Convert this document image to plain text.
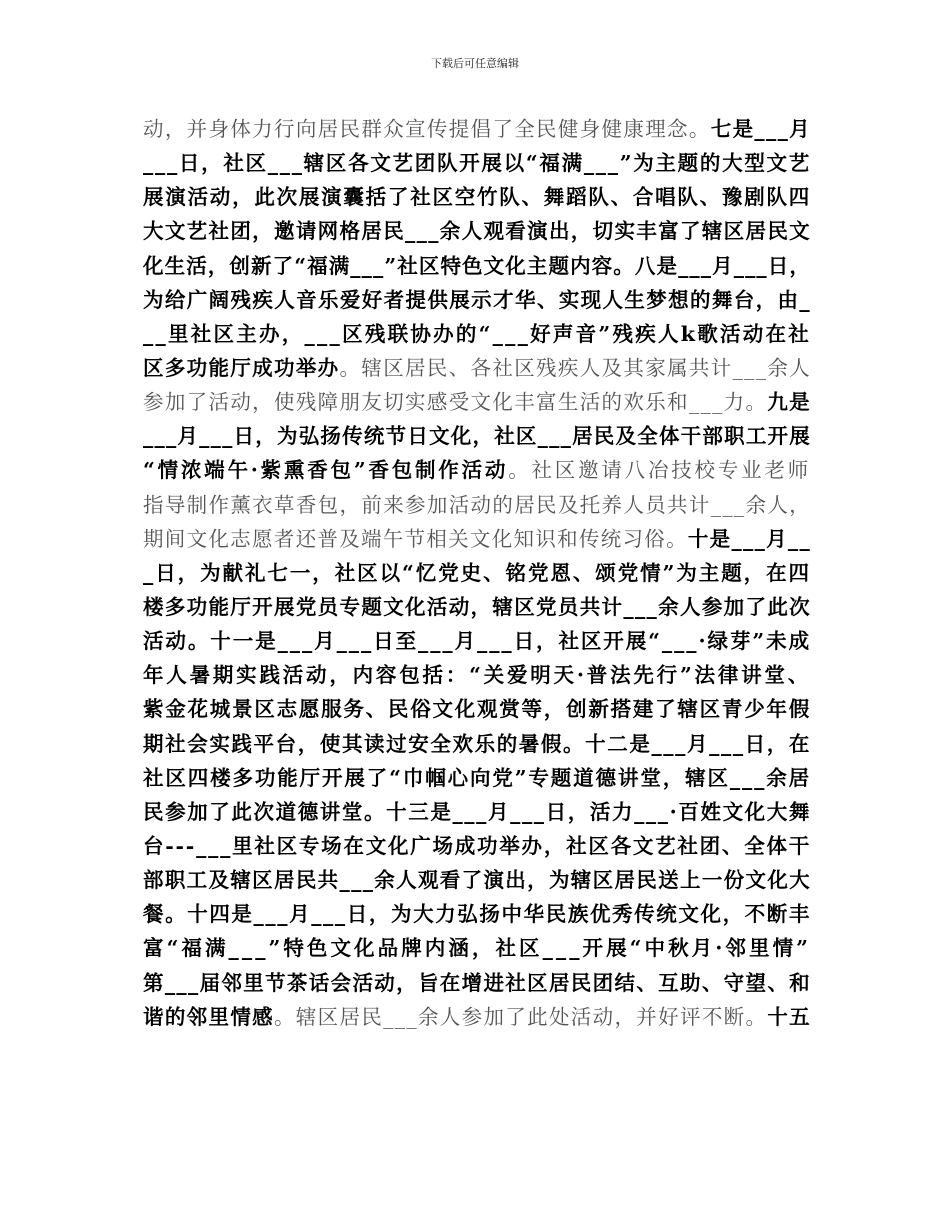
下载后可任意编辑
动，并身体力行向居民群众宣传提倡了全民健身健康理念。七是___月
___日，社区___辖区各文艺团队开展以“福满___”为主题的大型文艺
展演活动，此次展演囊括了社区空竹队、舞蹈队、合唱队、豫剧队四
大文艺社团，邀请网格居民___余人观看演出，切实丰富了辖区居民文
化生活，创新了“福满___”社区特色文化主题内容。八是___月___日，
为给广阔残疾人音乐爱好者提供展示才华、实现人生梦想的舞台，由_
__里社区主办，___区残联协办的“___好声音”残疾人k歌活动在社
区多功能厅成功举办。辖区居民、各社区残疾人及其家属共计___余人
参加了活动，使残障朋友切实感受文化丰富生活的欢乐和___力。九是
___月___日，为弘扬传统节日文化，社区___居民及全体干部职工开展
“情浓端午·紫熏香包”香包制作活动。社区邀请八冶技校专业老师
指导制作薰衣草香包，前来参加活动的居民及托养人员共计___余人，
期间文化志愿者还普及端午节相关文化知识和传统习俗。十是___月__
_日，为献礼七一，社区以“忆党史、铭党恩、颂党情”为主题，在四
楼多功能厅开展党员专题文化活动，辖区党员共计___余人参加了此次
活动。十一是___月___日至___月___日，社区开展“___·绿芽”未成
年人暑期实践活动，内容包括：“关爱明天·普法先行”法律讲堂、
紫金花城景区志愿服务、民俗文化观赏等，创新搭建了辖区青少年假
期社会实践平台，使其读过安全欢乐的暑假。十二是___月___日，在
社区四楼多功能厅开展了“巾帼心向党”专题道德讲堂，辖区___余居
民参加了此次道德讲堂。十三是___月___日，活力___·百姓文化大舞
台---___里社区专场在文化广场成功举办，社区各文艺社团、全体干
部职工及辖区居民共___余人观看了演出，为辖区居民送上一份文化大
餐。十四是___月___日，为大力弘扬中华民族优秀传统文化，不断丰
富“福满___”特色文化品牌内涵，社区___开展“中秋月·邻里情”
第___届邻里节茶话会活动，旨在增进社区居民团结、互助、守望、和
谐的邻里情感。辖区居民___余人参加了此处活动，并好评不断。十五
